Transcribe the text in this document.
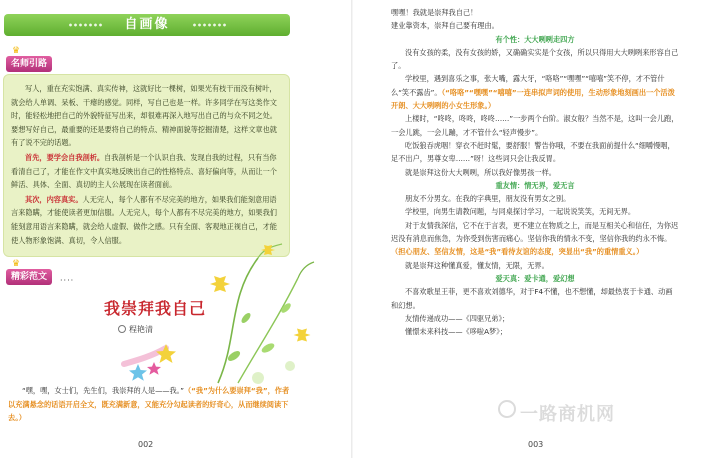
自画像
♛
名师引路

写人，重在充实饱满、真实传神，这就好比一棵树，如果光有枝干而没有树叶，就会给人单调、呆板、干瘪的感觉。同样，写自己也是一样。许多同学在写这类作文时，能轻松地把自己的外貌特征写出来，却很难再深入地写出自己的与众不同之处。要想写好自己，最重要的还是要将自己的特点、精神面貌等挖掘清楚，这样文章也就有了说不完的话题。

首先，要学会自我剖析。自我剖析是一个认识自我、发现自我的过程，只有当你看清自己了，才能在作文中真实地反映出自己的性格特点、喜好偏向等，从而让一个鲜活、具体、全面、真切的主人公展现在读者面前。

其次，内容真实。人无完人，每个人都有不尽完美的地方，如果我们能刻意用语言来隐瞒，才能使读者更加信服。人无完人，每个人都有不尽完美的地方，如果我们能刻意用语言来隐瞒，就会给人虚假、做作之感。只有全面、客观地正视自己，才能使人物形象饱满、真切，令人信服。

♛
精彩范文	····
我崇拜我自己
程艳清

“嘿，嘿，女士们，先生们，我崇拜的人是——我。”（“我”为什么要崇拜“我”，作者以充满悬念的话语开启全文，既充满新意，又能充分勾起读者的好奇心，从而继续阅读下去。）

002

嘿嘿！我就是崇拜我自己！

建业靠资本，崇拜自己要有理由。

有个性：大大咧咧走四方

没有女孩的柔，没有女孩的娇，又确确实实是个女孩，所以只得用大大咧咧来形容自己了。

学校里，遇到喜乐之事，张大嘴，露大牙，“咯咯”“嘿嘿”“嘻嘻”笑不停，才不管什么“笑不露齿”。（“咯咯”“嘿嘿”“嘻嘻”一连串拟声词的使用，生动形象地刻画出一个活泼开朗、大大咧咧的小女生形象。）

上楼时，“咚咚，咚咚，咚咚……”一步两个台阶。淑女般？当然不是，这叫一会儿跑，一会儿跳，一会儿蹦，才不管什么“轻声慢步”。

吃饭狼吞虎咽！穿衣不赶时髦，要舒服！警告你哦，不要在我面前提什么“细嚼慢咽，足不出户，男尊女卑……”呀！这些词只会让我反胃。

就是崇拜这份大大咧咧，所以我好像男孩一样。

重友情：情无界，爱无言

朋友不分男女。在我的字典里，朋友没有男女之别。

学校里，向男生请教问题，与同桌探讨学习，一起说说笑笑，无间无界。

对于友情我深信，它不在于言表，更不建立在物质之上，而是互相关心和信任，为你迟迟没有消息而焦急，为你受到伤害而痛心。坚信你我的情永不变，坚信你我的约永不悔。（担心朋友、坚信友情，这是“我”看待友谊的态度，突显出“我”的重情重义。）

就是崇拜这种懂真爱，懂友情，无限，无界。

爱天真：爱卡通，爱幻想

不喜欢歌星王菲，更不喜欢刘德华，对于F4不懂，也不想懂，却最热衷于卡通、动画和幻想。

友情传递成功——《四驱兄弟》；

懂憬未来科技——《哆啦A梦》；

003
一路商机网
